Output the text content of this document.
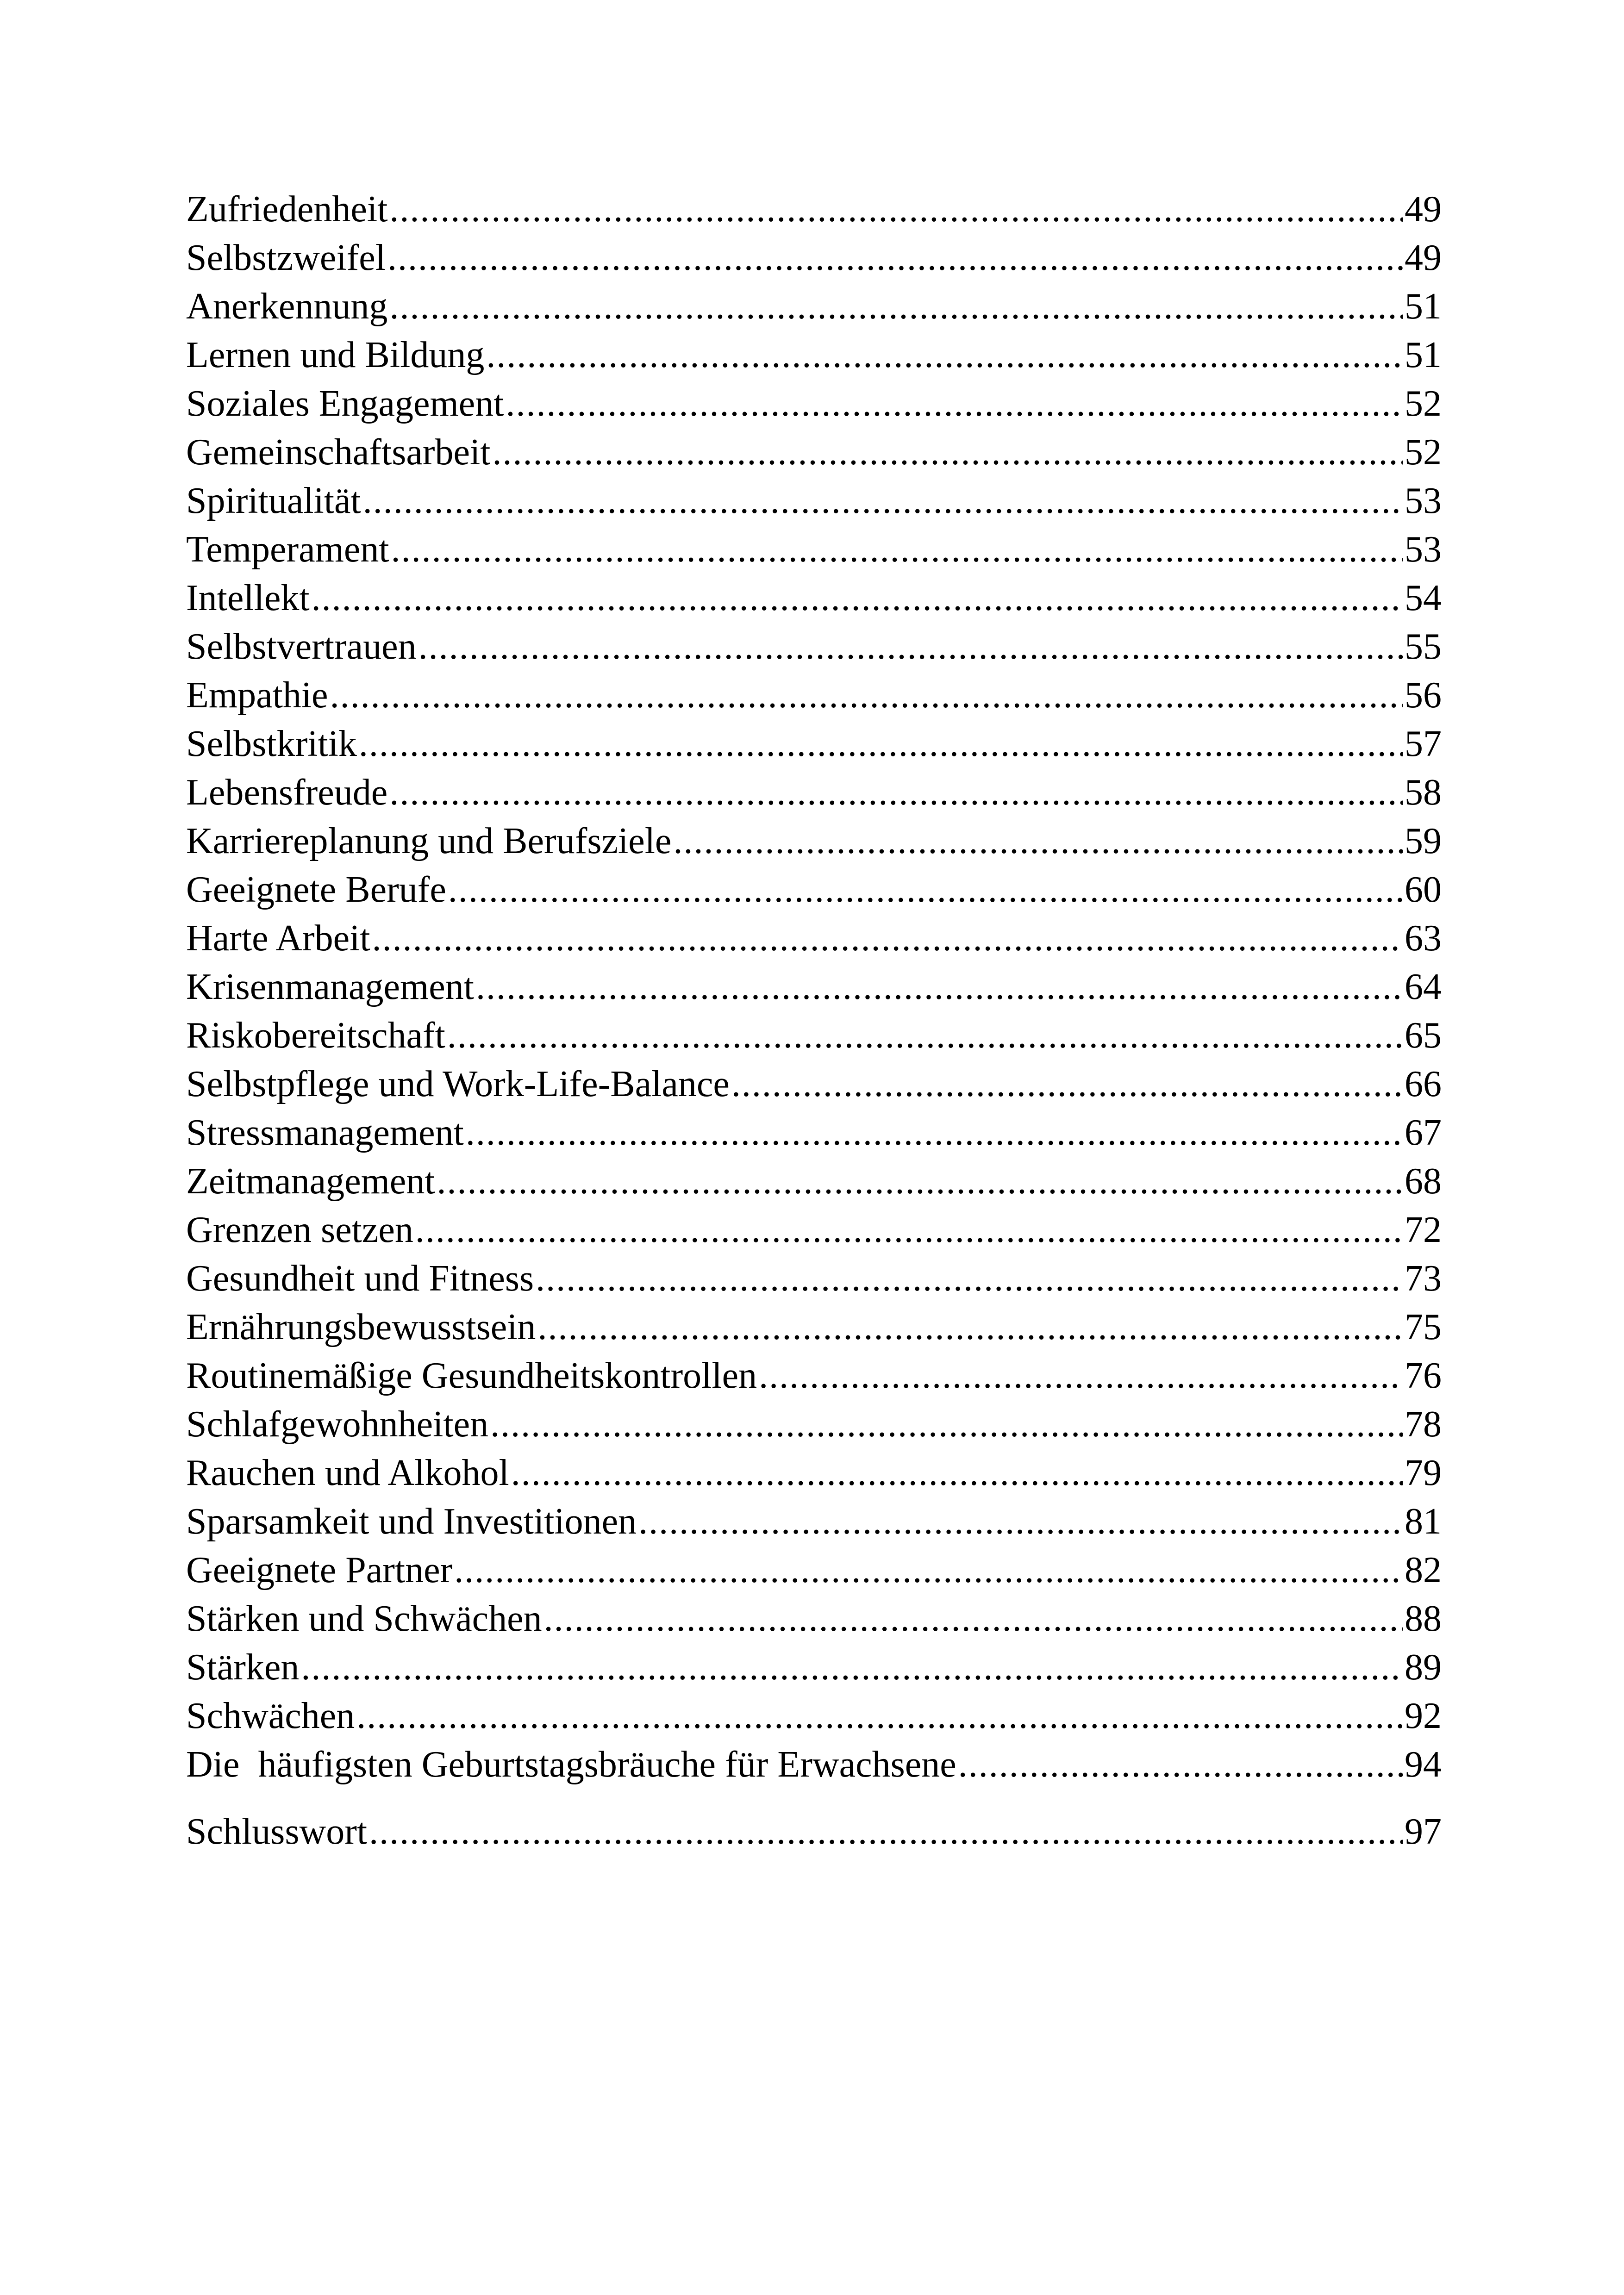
Zufriedenheit .....	49
Selbstzweifel .....	49
Anerkennung .....	51
Lernen und Bildung .....	51
Soziales Engagement .....	52
Gemeinschaftsarbeit .....	52
Spiritualität .....	53
Temperament .....	53
Intellekt .....	54
Selbstvertrauen .....	55
Empathie .....	56
Selbstkritik .....	57
Lebensfreude .....	58
Karriereplanung und Berufsziele .....	59
Geeignete Berufe .....	60
Harte Arbeit .....	63
Krisenmanagement .....	64
Riskobereitschaft .....	65
Selbstpflege und Work-Life-Balance .....	66
Stressmanagement .....	67
Zeitmanagement .....	68
Grenzen setzen .....	72
Gesundheit und Fitness .....	73
Ernährungsbewusstsein .....	75
Routinemäßige Gesundheitskontrollen .....	76
Schlafgewohnheiten .....	78
Rauchen und Alkohol .....	79
Sparsamkeit und Investitionen .....	81
Geeignete Partner .....	82
Stärken und Schwächen .....	88
Stärken .....	89
Schwächen .....	92
Die  häufigsten Geburtstagsbräuche für Erwachsene .....	94
Schlusswort .....	97
